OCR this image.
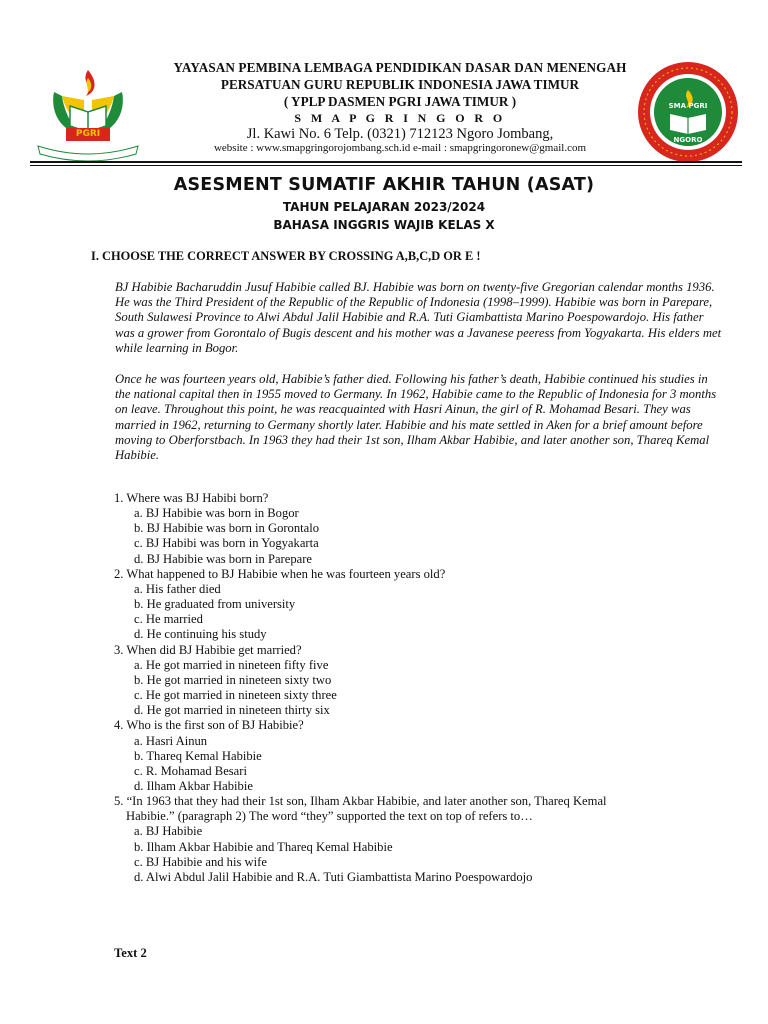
PGRI
YAYASAN PEMBINA LEMBAGA PENDIDIKAN DASAR DAN MENENGAH
PERSATUAN GURU REPUBLIK INDONESIA JAWA TIMUR
( YPLP DASMEN PGRI JAWA TIMUR )
S M A P G R I N G O R O
Jl. Kawi No. 6 Telp. (0321) 712123 Ngoro Jombang,
website : www.smapgringorojombang.sch.id e-mail : smapgringoronew@gmail.com
SMA PGRI
NGORO
ASESMENT SUMATIF AKHIR TAHUN (ASAT)
TAHUN PELAJARAN 2023/2024
BAHASA INGGRIS WAJIB KELAS X
I. CHOOSE THE CORRECT ANSWER BY CROSSING A,B,C,D OR E !
BJ Habibie Bacharuddin Jusuf Habibie called BJ. Habibie was born on twenty-five Gregorian calendar months 1936. He was the Third President of the Republic of the Republic of Indonesia (1998–1999). Habibie was born in Parepare, South Sulawesi Province to Alwi Abdul Jalil Habibie and R.A. Tuti Giambattista Marino Poespowardojo. His father was a grower from Gorontalo of Bugis descent and his mother was a Javanese peeress from Yogyakarta. His elders met while learning in Bogor.
Once he was fourteen years old, Habibie’s father died. Following his father’s death, Habibie continued his studies in the national capital then in 1955 moved to Germany. In 1962, Habibie came to the Republic of Indonesia for 3 months on leave. Throughout this point, he was reacquainted with Hasri Ainun, the girl of R. Mohamad Besari. They was married in 1962, returning to Germany shortly later. Habibie and his mate settled in Aken for a brief amount before moving to Oberforstbach. In 1963 they had their 1st son, Ilham Akbar Habibie, and later another son, Thareq Kemal Habibie.

1. Where was BJ Habibi born?

a. BJ Habibie was born in Bogor

b. BJ Habibie was born in Gorontalo

c. BJ Habibi was born in Yogyakarta

d. BJ Habibie was born in Parepare

2. What happened to BJ Habibie when he was fourteen years old?

a. His father died

b. He graduated from university

c. He married

d. He continuing his study

3. When did BJ Habibie get married?

a. He got married in nineteen fifty five

b. He got married in nineteen sixty two

c. He got married in nineteen sixty three

d. He got married in nineteen thirty six

4. Who is the first son of BJ Habibie?

a. Hasri Ainun

b. Thareq Kemal Habibie

c. R. Mohamad Besari

d. Ilham Akbar Habibie

5. “In 1963 that they had their 1st son, Ilham Akbar Habibie, and later another son, Thareq Kemal

Habibie.” (paragraph 2) The word “they” supported the text on top of refers to…

a. BJ Habibie

b. Ilham Akbar Habibie and Thareq Kemal Habibie

c. BJ Habibie and his wife

d. Alwi Abdul Jalil Habibie and R.A. Tuti Giambattista Marino Poespowardojo

Text 2
